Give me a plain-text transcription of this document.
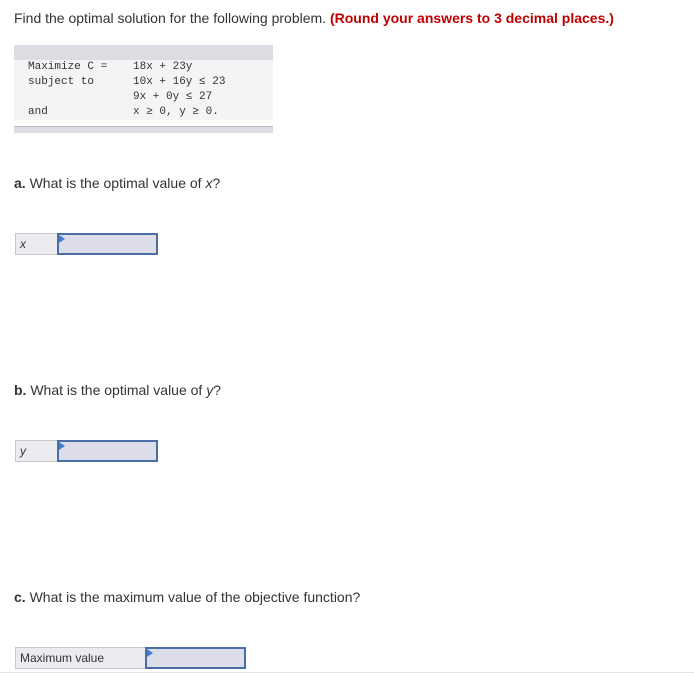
Find the optimal solution for the following problem. (Round your answers to 3 decimal places.)
Maximize C = 18x + 23y
subject to	10x + 16y ≤ 23
9x + 0y ≤ 27
and	x ≥ 0, y ≥ 0.
a. What is the optimal value of x?
x
b. What is the optimal value of y?
y
c. What is the maximum value of the objective function?
Maximum value
